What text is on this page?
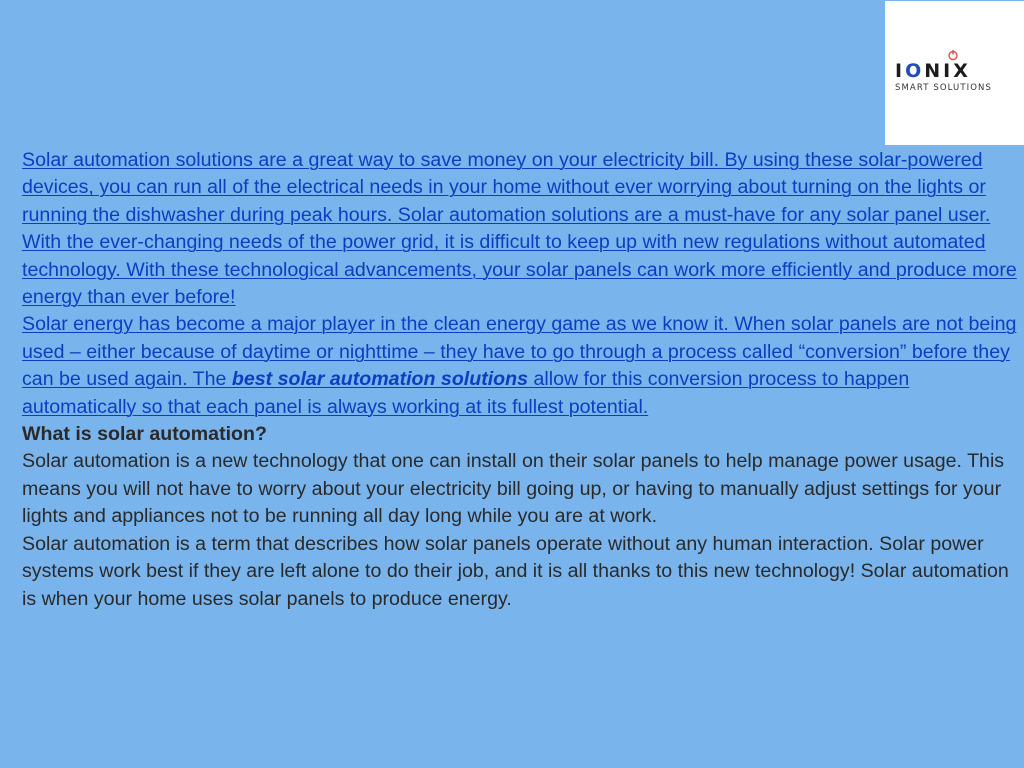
IONIX
SMART SOLUTIONS

Solar automation solutions are a great way to save money on your electricity bill. By using these solar-powered devices, you can run all of the electrical needs in your home without ever worrying about turning on the lights or running the dishwasher during peak hours. Solar automation solutions are a must-have for any solar panel user. With the ever-changing needs of the power grid, it is difficult to keep up with new regulations without automated technology. With these technological advancements, your solar panels can work more efficiently and produce more energy than ever before!

Solar energy has become a major player in the clean energy game as we know it. When solar panels are not being used – either because of daytime or nighttime – they have to go through a process called “conversion” before they can be used again. The best solar automation solutions allow for this conversion process to happen automatically so that each panel is always working at its fullest potential.

What is solar automation?

Solar automation is a new technology that one can install on their solar panels to help manage power usage. This means you will not have to worry about your electricity bill going up, or having to manually adjust settings for your lights and appliances not to be running all day long while you are at work.

Solar automation is a term that describes how solar panels operate without any human interaction. Solar power systems work best if they are left alone to do their job, and it is all thanks to this new technology! Solar automation is when your home uses solar panels to produce energy.
